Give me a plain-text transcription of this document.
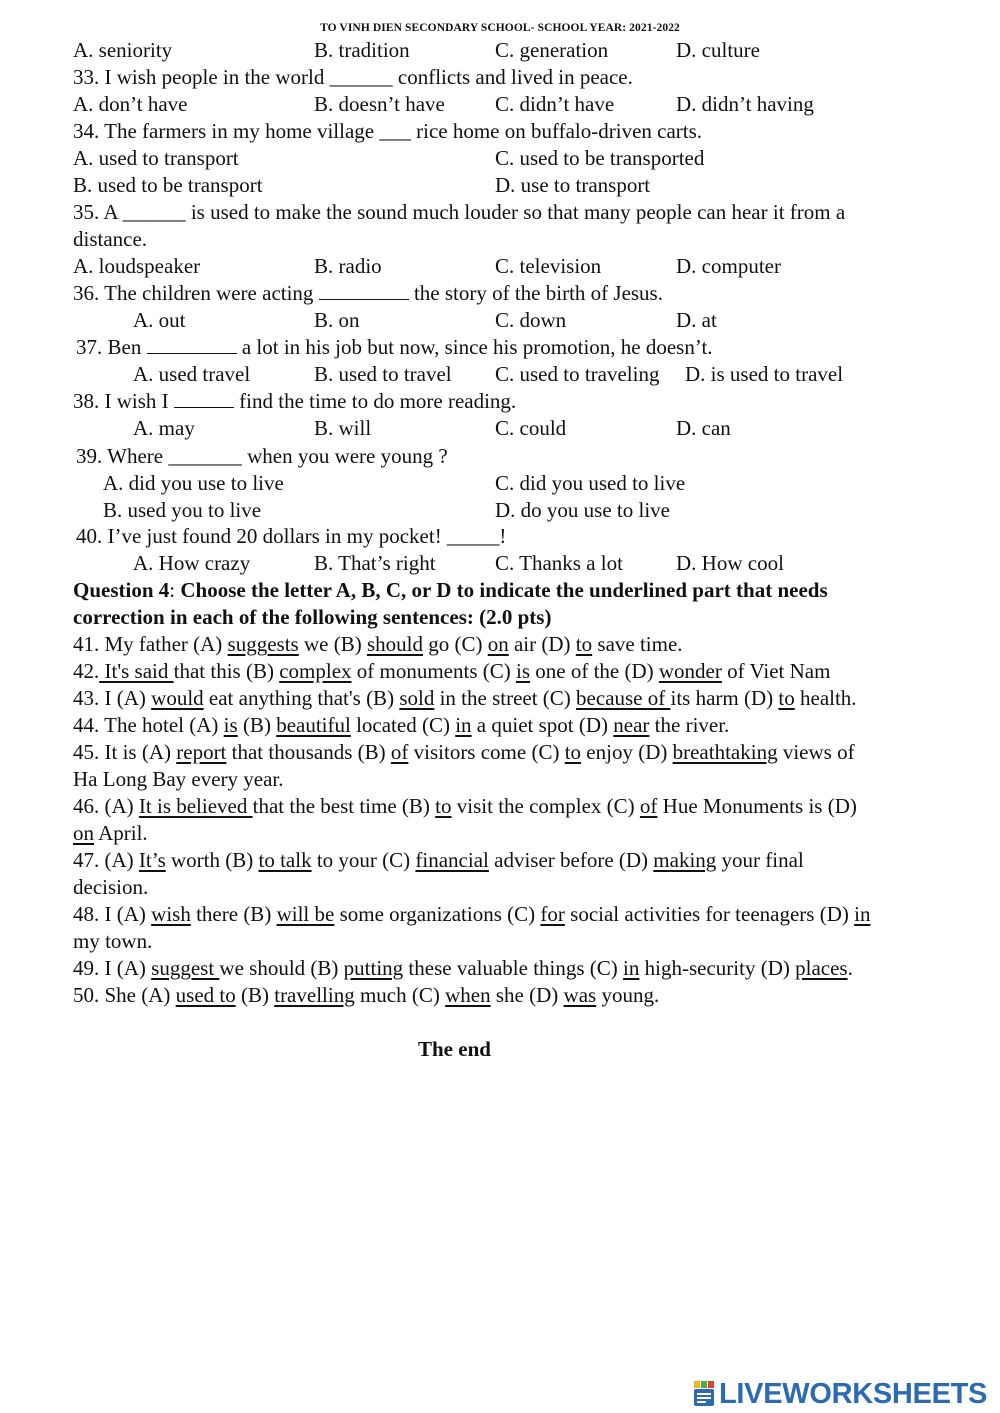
TO VINH DIEN SECONDARY SCHOOL- SCHOOL YEAR: 2021-2022
A. seniority	B. tradition	C. generation	D. culture
33. I wish people in the world ______ conflicts and lived in peace.
A. don’t have	B. doesn’t have C. didn’t have	D. didn’t having
34. The farmers in my home village ___ rice home on buffalo-driven carts.
A. used to transport	C. used to be transported
B. used to be transport	D. use to transport
35. A ______ is used to make the sound much louder so that many people can hear it from a
distance.
A. loudspeaker	B. radio	C. television	D. computer
36. The children were acting	the story of the birth of Jesus.
A. out	B. on	C. down	D. at
37. Ben	a lot in his job but now, since his promotion, he doesn’t.
A. used travel	B. used to travel C. used to traveling D. is used to travel
38. I wish I	find the time to do more reading.
A. may	B. will	C. could	D. can
39. Where _______ when you were young ?
A. did you use to live	C. did you used to live
B. used you to live	D. do you use to live
40. I’ve just found 20 dollars in my pocket! _____!
A. How crazy	B. That’s right	C. Thanks a lot	D. How cool
Question 4: Choose the letter A, B, C, or D to indicate the underlined part that needs
correction in each of the following sentences: (2.0 pts)
41. My father (A) suggests we (B) should go (C) on air (D) to save time.
42. It's said that this (B) complex of monuments (C) is one of the (D) wonder of Viet Nam
43. I (A) would eat anything that's (B) sold in the street (C) because of its harm (D) to health.
44. The hotel (A) is (B) beautiful located (C) in a quiet spot (D) near the river.
45. It is (A) report that thousands (B) of visitors come (C) to enjoy (D) breathtaking views of
Ha Long Bay every year.
46. (A) It is believed that the best time (B) to visit the complex (C) of Hue Monuments is (D)
on April.
47. (A) It’s worth (B) to talk to your (C) financial adviser before (D) making your final
decision.
48. I (A) wish there (B) will be some organizations (C) for social activities for teenagers (D) in
my town.
49. I (A) suggest we should (B) putting these valuable things (C) in high-security (D) places.
50. She (A) used to (B) travelling much (C) when she (D) was young.
The end
LIVEWORKSHEETS
